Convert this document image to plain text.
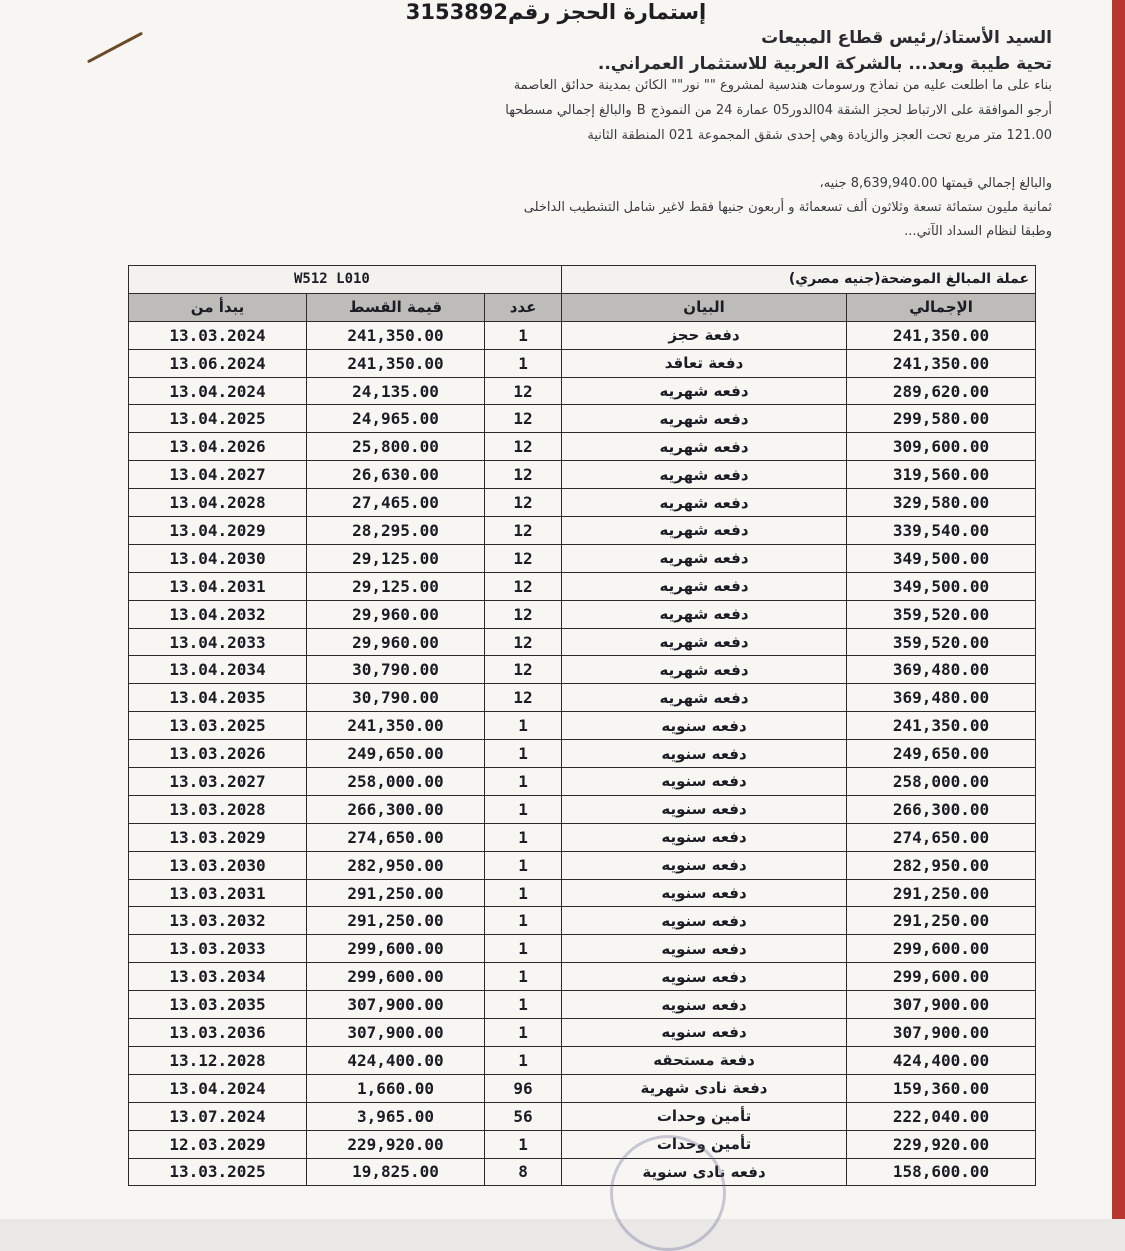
إستمارة الحجز رقم3153892
السيد الأستاذ/رئيس قطاع المبيعات
تحية طيبة وبعد... بالشركة العربية للاستثمار العمراني..
بناء على ما اطلعت عليه من نماذج ورسومات هندسية لمشروع "" نور"" الكائن بمدينة حدائق العاصمة
أرجو الموافقة على الارتباط لحجز الشقة 04الدور05 عمارة 24 من النموذج B والبالغ إجمالي مسطحها
121.00 متر مربع تحت العجز والزيادة وهي إحدى شقق المجموعة 021 المنطقة الثانية
والبالغ إجمالي قيمتها 8,639,940.00 جنيه،
ثمانية مليون ستمائة تسعة وثلاثون ألف تسعمائة و أربعون جنيها فقط لاغير شامل التشطيب الداخلى
وطبقا لنظام السداد الآتي...
W512 L010			عملة المبالغ الموضحة(جنيه مصري)	
يبدأ من	قيمة القسط	عدد	البيان	الإجمالي
13.03.2024	241,350.00	1	دفعة حجز	241,350.00
13.06.2024	241,350.00	1	دفعة تعاقد	241,350.00
13.04.2024	24,135.00	12	دفعه شهريه	289,620.00
13.04.2025	24,965.00	12	دفعه شهريه	299,580.00
13.04.2026	25,800.00	12	دفعه شهريه	309,600.00
13.04.2027	26,630.00	12	دفعه شهريه	319,560.00
13.04.2028	27,465.00	12	دفعه شهريه	329,580.00
13.04.2029	28,295.00	12	دفعه شهريه	339,540.00
13.04.2030	29,125.00	12	دفعه شهريه	349,500.00
13.04.2031	29,125.00	12	دفعه شهريه	349,500.00
13.04.2032	29,960.00	12	دفعه شهريه	359,520.00
13.04.2033	29,960.00	12	دفعه شهريه	359,520.00
13.04.2034	30,790.00	12	دفعه شهريه	369,480.00
13.04.2035	30,790.00	12	دفعه شهريه	369,480.00
13.03.2025	241,350.00	1	دفعه سنويه	241,350.00
13.03.2026	249,650.00	1	دفعه سنويه	249,650.00
13.03.2027	258,000.00	1	دفعه سنويه	258,000.00
13.03.2028	266,300.00	1	دفعه سنويه	266,300.00
13.03.2029	274,650.00	1	دفعه سنويه	274,650.00
13.03.2030	282,950.00	1	دفعه سنويه	282,950.00
13.03.2031	291,250.00	1	دفعه سنويه	291,250.00
13.03.2032	291,250.00	1	دفعه سنويه	291,250.00
13.03.2033	299,600.00	1	دفعه سنويه	299,600.00
13.03.2034	299,600.00	1	دفعه سنويه	299,600.00
13.03.2035	307,900.00	1	دفعه سنويه	307,900.00
13.03.2036	307,900.00	1	دفعه سنويه	307,900.00
13.12.2028	424,400.00	1	دفعة مستحقه	424,400.00
13.04.2024	1,660.00	96	دفعة نادى شهرية	159,360.00
13.07.2024	3,965.00	56	تأمين وحدات	222,040.00
12.03.2029	229,920.00	1	تأمين وحدات	229,920.00
13.03.2025	19,825.00	8	دفعه نادى سنوية	158,600.00
